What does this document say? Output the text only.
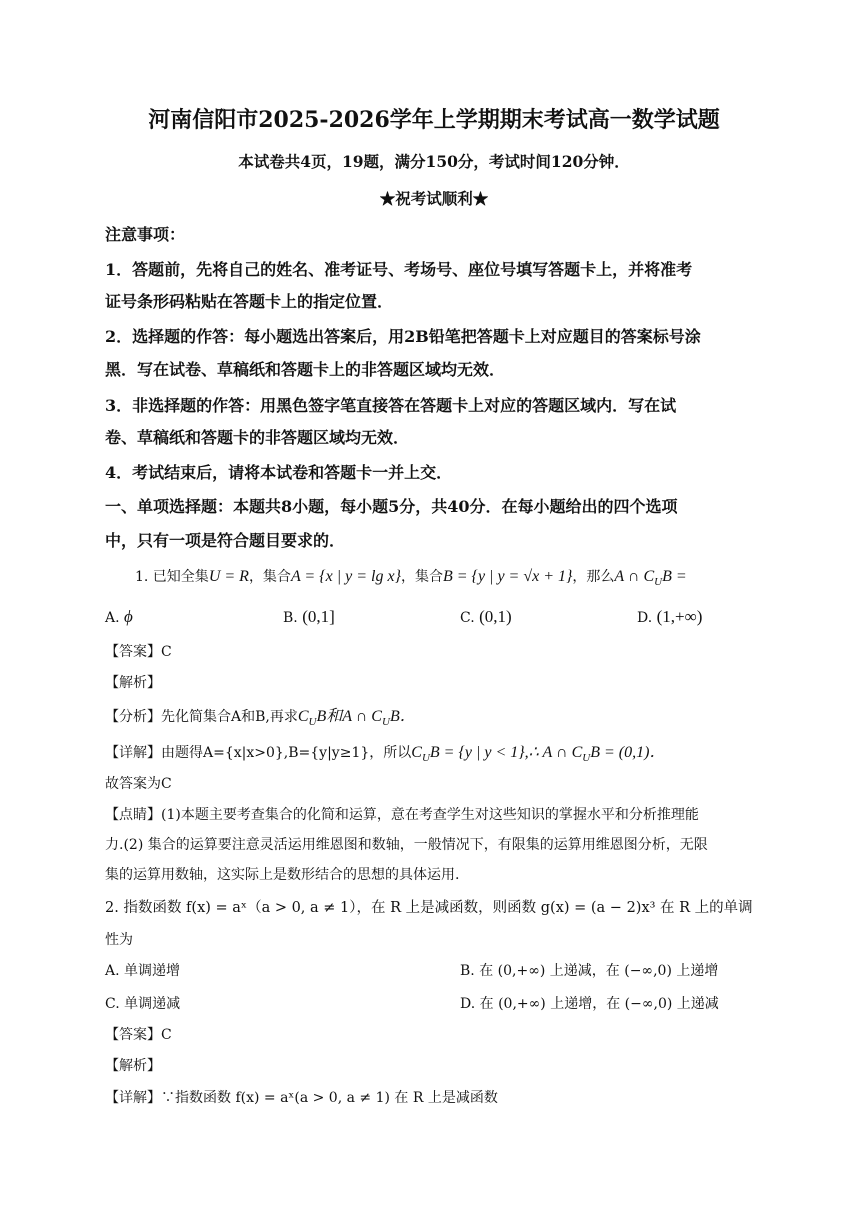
河南信阳市2025-2026学年上学期期末考试高一数学试题
本试卷共4页，19题，满分150分，考试时间120分钟．
★祝考试顺利★
注意事项：
1．答题前，先将自己的姓名、准考证号、考场号、座位号填写答题卡上，并将准考
证号条形码粘贴在答题卡上的指定位置．
2．选择题的作答：每小题选出答案后，用2B铅笔把答题卡上对应题目的答案标号涂
黑．写在试卷、草稿纸和答题卡上的非答题区域均无效．
3．非选择题的作答：用黑色签字笔直接答在答题卡上对应的答题区域内．写在试
卷、草稿纸和答题卡的非答题区域均无效．
4．考试结束后，请将本试卷和答题卡一并上交．
一、单项选择题：本题共8小题，每小题5分，共40分．在每小题给出的四个选项
中，只有一项是符合题目要求的．
1. 已知全集U = R，集合A = {x | y = lg x}，集合B = {y | y = √x + 1}，那么A ∩ $C_UB$ =
A. ϕ	B. (0,1]	C. (0,1)	D. (1,+∞)
【答案】C
【解析】
【分析】先化简集合A和B,再求$C_UB$和A ∩ $C_UB$．
【详解】由题得A={x|x>0},B={y|y≥1}，所以$C_UB = \{y$ | y < 1},∴ A ∩ $C_UB = (0,1)$．
故答案为C
【点睛】(1)本题主要考查集合的化简和运算，意在考查学生对这些知识的掌握水平和分析推理能
力.(2) 集合的运算要注意灵活运用维恩图和数轴，一般情况下，有限集的运算用维恩图分析，无限
集的运算用数轴，这实际上是数形结合的思想的具体运用.
2. 指数函数 f(x) = aˣ（a > 0, a ≠ 1），在 R 上是减函数，则函数 g(x) = (a − 2)x³ 在 R 上的单调
性为
A. 单调递增	B. 在 (0,+∞) 上递减，在 (−∞,0) 上递增
C. 单调递减	D. 在 (0,+∞) 上递增，在 (−∞,0) 上递减
【答案】C
【解析】
【详解】∵指数函数 f(x) = aˣ(a > 0, a ≠ 1) 在 R 上是减函数
